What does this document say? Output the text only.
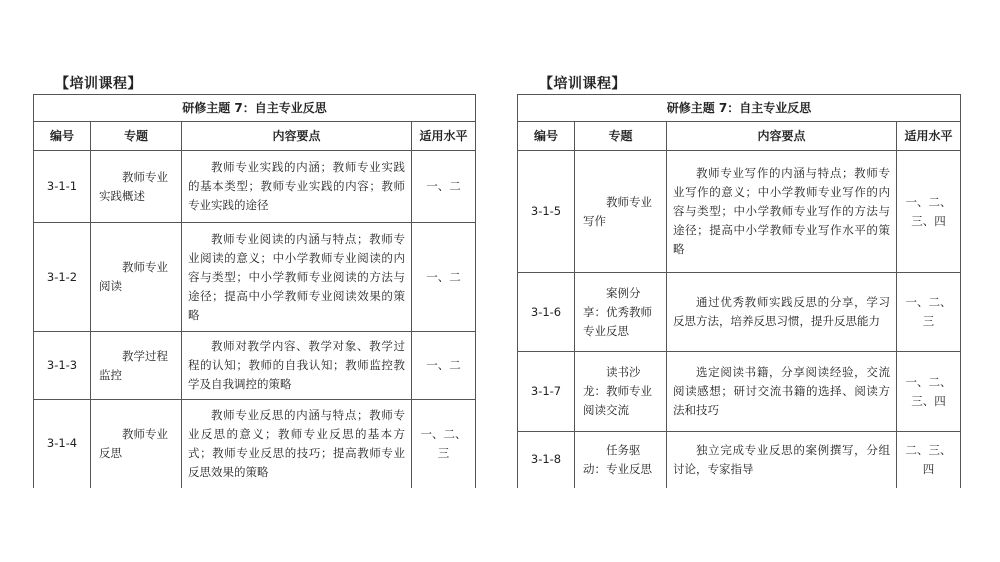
【培训课程】
研修主题 7：自主专业反思			
编号	专题	内容要点	适用水平
3-1-1	教师专业实践概述	教师专业实践的内涵；教师专业实践的基本类型；教师专业实践的内容；教师专业实践的途径	一、二
3-1-2	教师专业阅读	教师专业阅读的内涵与特点；教师专业阅读的意义；中小学教师专业阅读的内容与类型；中小学教师专业阅读的方法与途径；提高中小学教师专业阅读效果的策略	一、二
3-1-3	教学过程监控	教师对教学内容、教学对象、教学过程的认知；教师的自我认知；教师监控教学及自我调控的策略	一、二
3-1-4	教师专业反思	教师专业反思的内涵与特点；教师专业反思的意义；教师专业反思的基本方式；教师专业反思的技巧；提高教师专业反思效果的策略	一、二、三
【培训课程】
研修主题 7：自主专业反思			
编号	专题	内容要点	适用水平
3-1-5	教师专业写作	教师专业写作的内涵与特点；教师专业写作的意义；中小学教师专业写作的内容与类型；中小学教师专业写作的方法与途径；提高中小学教师专业写作水平的策略	一、二、三、四
3-1-6	案例分享：优秀教师专业反思	通过优秀教师实践反思的分享，学习反思方法，培养反思习惯，提升反思能力	一、二、三
3-1-7	读书沙龙：教师专业阅读交流	选定阅读书籍，分享阅读经验，交流阅读感想；研讨交流书籍的选择、阅读方法和技巧	一、二、三、四
3-1-8	任务驱动：专业反思	独立完成专业反思的案例撰写，分组讨论，专家指导	二、三、四
